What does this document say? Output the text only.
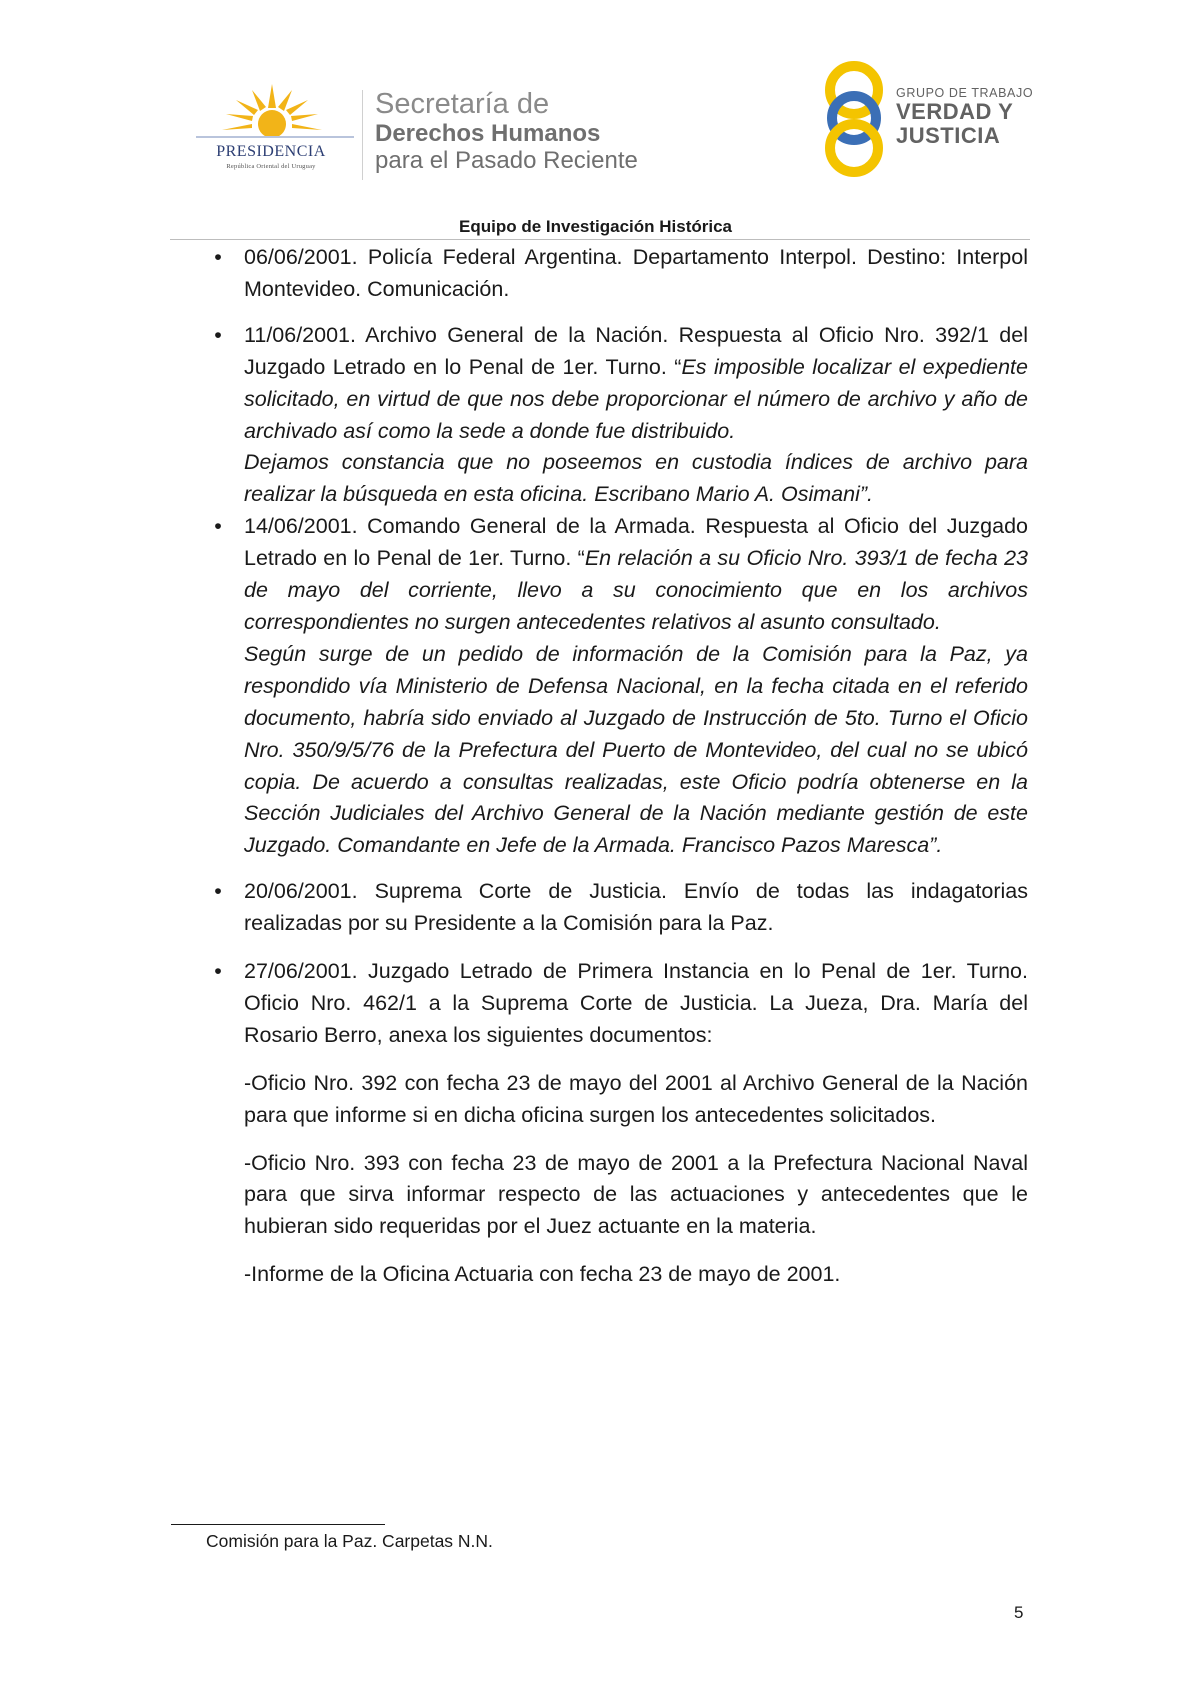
PRESIDENCIA
República Oriental del Uruguay
Secretaría de
Derechos Humanos
para el Pasado Reciente
GRUPO DE TRABAJO
VERDAD Y
JUSTICIA
Equipo de Investigación Histórica
• 06/06/2001. Policía Federal Argentina. Departamento Interpol. Destino: Interpol Montevideo. Comunicación.

• 11/06/2001. Archivo General de la Nación. Respuesta al Oficio Nro. 392/1 del Juzgado Letrado en lo Penal de 1er. Turno. “Es imposible localizar el expediente solicitado, en virtud de que nos debe proporcionar el número de archivo y año de archivado así como la sede a donde fue distribuido.

Dejamos constancia que no poseemos en custodia índices de archivo para realizar la búsqueda en esta oficina. Escribano Mario A. Osimani”.

• 14/06/2001. Comando General de la Armada. Respuesta al Oficio del Juzgado Letrado en lo Penal de 1er. Turno. “En relación a su Oficio Nro. 393/1 de fecha 23 de mayo del corriente, llevo a su conocimiento que en los archivos correspondientes no surgen antecedentes relativos al asunto consultado.

Según surge de un pedido de información de la Comisión para la Paz, ya respondido vía Ministerio de Defensa Nacional, en la fecha citada en el referido documento, habría sido enviado al Juzgado de Instrucción de 5to. Turno el Oficio Nro. 350/9/5/76 de la Prefectura del Puerto de Montevideo, del cual no se ubicó copia. De acuerdo a consultas realizadas, este Oficio podría obtenerse en la Sección Judiciales del Archivo General de la Nación mediante gestión de este Juzgado. Comandante en Jefe de la Armada. Francisco Pazos Maresca”.

• 20/06/2001. Suprema Corte de Justicia. Envío de todas las indagatorias realizadas por su Presidente a la Comisión para la Paz.

• 27/06/2001. Juzgado Letrado de Primera Instancia en lo Penal de 1er. Turno. Oficio Nro. 462/1 a la Suprema Corte de Justicia. La Jueza, Dra. María del Rosario Berro, anexa los siguientes documentos:

-Oficio Nro. 392 con fecha 23 de mayo del 2001 al Archivo General de la Nación para que informe si en dicha oficina surgen los antecedentes solicitados.

-Oficio Nro. 393 con fecha 23 de mayo de 2001 a la Prefectura Nacional Naval para que sirva informar respecto de las actuaciones y antecedentes que le hubieran sido requeridas por el Juez actuante en la materia.

-Informe de la Oficina Actuaria con fecha 23 de mayo de 2001.

Comisión para la Paz. Carpetas N.N.
5
